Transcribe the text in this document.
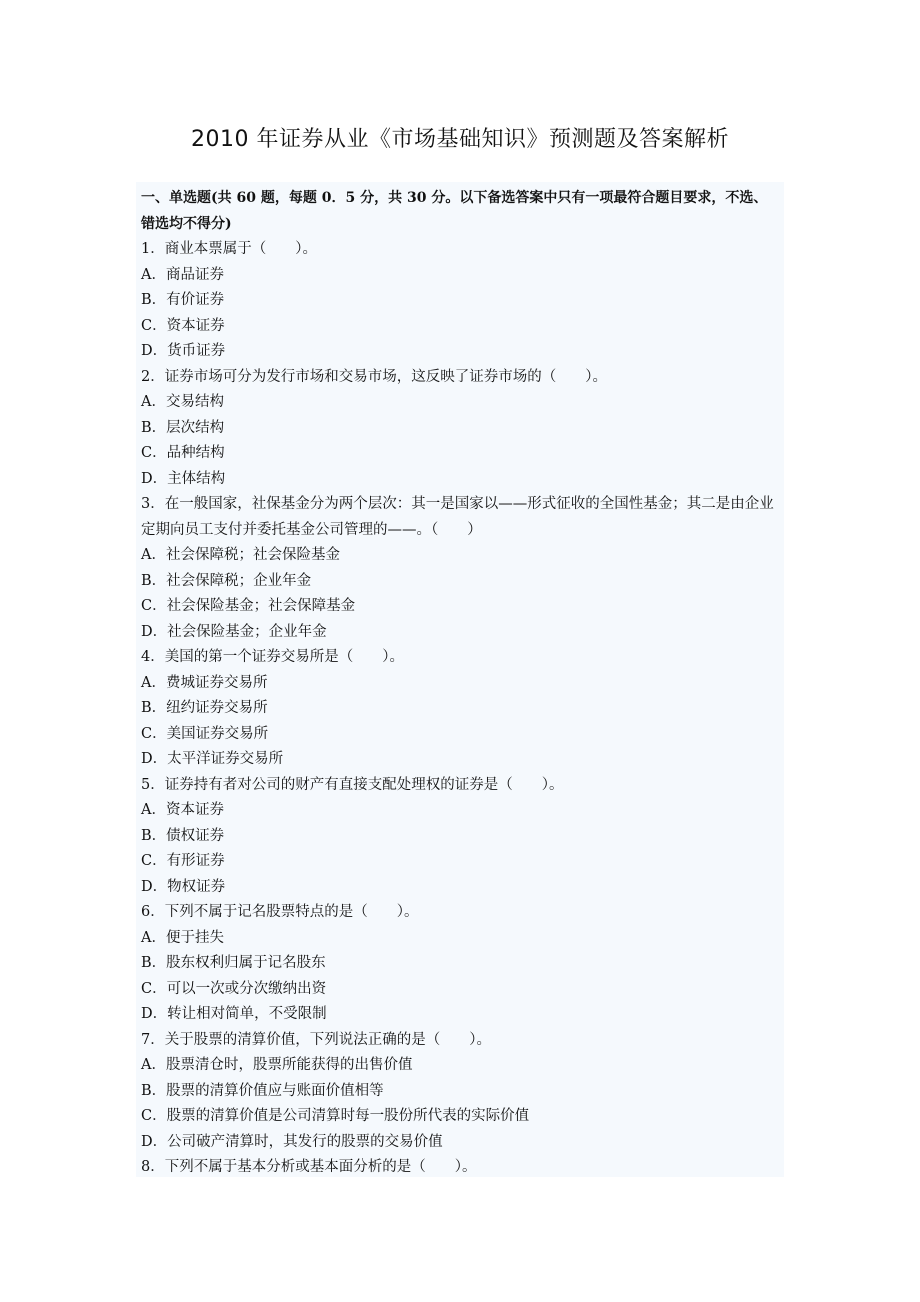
2010 年证券从业《市场基础知识》预测题及答案解析

一、单选题(共 60 题，每题 0．5 分，共 30 分。以下备选答案中只有一项最符合题目要求，不选、错选均不得分)

1．商业本票属于（　　）。
A．商品证券
B．有价证券
C．资本证券
D．货币证券
2．证券市场可分为发行市场和交易市场，这反映了证券市场的（　　）。
A．交易结构
B．层次结构
C．品种结构
D．主体结构
3．在一般国家，社保基金分为两个层次：其一是国家以——形式征收的全国性基金；其二是由企业定期向员工支付并委托基金公司管理的——。（　　）
A．社会保障税；社会保险基金
B．社会保障税；企业年金
C．社会保险基金；社会保障基金
D．社会保险基金；企业年金
4．美国的第一个证券交易所是（　　）。
A．费城证券交易所
B．纽约证券交易所
C．美国证券交易所
D．太平洋证券交易所
5．证券持有者对公司的财产有直接支配处理权的证券是（　　）。
A．资本证券
B．债权证券
C．有形证券
D．物权证券
6．下列不属于记名股票特点的是（　　）。
A．便于挂失
B．股东权利归属于记名股东
C．可以一次或分次缴纳出资
D．转让相对简单，不受限制
7．关于股票的清算价值，下列说法正确的是（　　）。
A．股票清仓时，股票所能获得的出售价值
B．股票的清算价值应与账面价值相等
C．股票的清算价值是公司清算时每一股份所代表的实际价值
D．公司破产清算时，其发行的股票的交易价值
8．下列不属于基本分析或基本面分析的是（　　）。
